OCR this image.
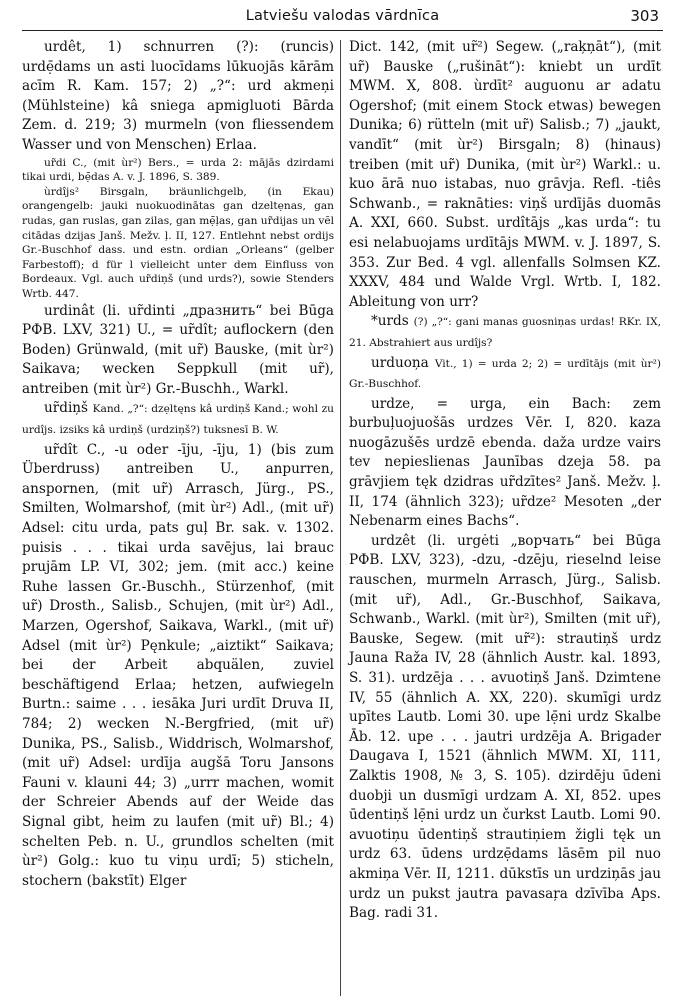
Latviešu valodas vārdnīca	303

urdêt, 1) schnurren (?): (runcis) urdẹ̄dams un asti luocīdams lūkuojās kārām acīm R. Kam. 157; 2) „?“: urd akmeņi (Mühlsteine) kâ sniega apmigluoti Bārda Zem. d. 219; 3) murmeln (von fliessendem Wasser und von Menschen) Erlaa.

ur̃di C., (mit ùr²) Bers., = urda 2: mājās dzirdami tikai urdi, bẹ̄das A. v. J. 1896, S. 389.

ùrdîjs² Birsgaln, bräunlichgelb, (in Ekau) orangengelb: jauki nuokuodinātas gan dzeltẹnas, gan rudas, gan ruslas, gan zilas, gan mẹ̄ļas, gan ur̃dijas un vẽl citādas dzijas Janš. Mežv. ļ. II, 127. Entlehnt nebst ordijs Gr.-Buschhof dass. und estn. ordian „Orleans“ (gelber Farbestoff); d für l vielleicht unter dem Einfluss von Bordeaux. Vgl. auch ur̃diņš (und urds?), sowie Stenders Wrtb. 447.

urdinât (li. ur̃dinti „дразнить“ bei Būga РФВ. LXV, 321) U., = ur̃dît; auflockern (den Boden) Grünwald, (mit ur̃) Bauske, (mit ùr²) Saikava; wecken Seppkull (mit ur̃), antreiben (mit ùr²) Gr.-Buschh., Warkl.

ur̃diņš Kand. „?“: dzẹltęns kâ urdiņš Kand.; wohl zu urdîjs. izsiks kâ urdiņš (urdziņš?) tuksnesī B. W.

ur̃dît C., -u oder -īju, -īju, 1) (bis zum Überdruss) antreiben U., anpurren, anspornen, (mit ur̃) Arrasch, Jürg., PS., Smilten, Wolmarshof, (mit ùr²) Adl., (mit ur̃) Adsel: citu urda, pats guļ Br. sak. v. 1302. puisis . . . tikai urda savējus, lai brauc prujām LP. VI, 302; jem. (mit acc.) keine Ruhe lassen Gr.-Buschh., Stürzenhof, (mit ur̃) Drosth., Salisb., Schujen, (mit ùr²) Adl., Marzen, Ogershof, Saikava, Warkl., (mit ur̃) Adsel (mit ùr²) Pęnkule; „aiztikt“ Saikava; bei der Arbeit abquälen, zuviel beschäftigend Erlaa; hetzen, aufwiegeln Burtn.: saime . . . iesāka Juri urdīt Druva II, 784; 2) wecken N.-Bergfried, (mit ur̃) Dunika, PS., Salisb., Widdrisch, Wolmarshof, (mit ur̃) Adsel: urdīja augšā Toru Jansons Fauni v. klauni 44; 3) „urrr machen, womit der Schreier Abends auf der Weide das Signal gibt, heim zu laufen (mit ur̃) Bl.; 4) schelten Peb. n. U., grundlos schelten (mit ùr²) Golg.: kuo tu viņu urdī; 5) sticheln, stochern (bakstīt) Elger

Dict. 142, (mit ur̃²) Segew. („raķņāt“), (mit ur̃) Bauske („rušināt“): kniebt un urdīt MWM. X, 808. ùrdīt² auguonu ar adatu Ogershof; (mit einem Stock etwas) bewegen Dunika; 6) rütteln (mit ur̃) Salisb.; 7) „jaukt, vandīt“ (mit ùr²) Birsgaln; 8) (hinaus) treiben (mit ur̃) Dunika, (mit ùr²) Warkl.: u. kuo ārā nuo istabas, nuo grāvja. Refl. -tiês Schwanb., = raknāties: viņš urdījās duomās A. XXI, 660. Subst. urdîtājs „kas urda“: tu esi nelabuojams urdītājs MWM. v. J. 1897, S. 353. Zur Bed. 4 vgl. allenfalls Solmsen KZ. XXXV, 484 und Walde Vrgl. Wrtb. I, 182. Ableitung von urr?

*urds (?) „?“: gani manas guosniņas urdas! RKr. IX, 21. Abstrahiert aus urdîjs?

urduoņa Vit., 1) = urda 2; 2) = urdītājs (mit ùr²) Gr.-Buschhof.

urdze, = urga, ein Bach: zem burbuļuojuošās urdzes Vēr. I, 820. kaza nuogāzušēs urdzē ebenda. daža urdze vairs tev nepieslienas Jaunības dzeja 58. pa grāvjiem tęk dzidras ur̃dzītes² Janš. Mežv. ļ. II, 174 (ähnlich 323); ur̃dze² Mesoten „der Nebenarm eines Bachs“.

urdzêt (li. urgėti „ворчать“ bei Būga РФВ. LXV, 323), -dzu, -dzēju, rieselnd leise rauschen, murmeln Arrasch, Jürg., Salisb. (mit ur̃), Adl., Gr.-Buschhof, Saikava, Schwanb., Warkl. (mit ùr²), Smilten (mit ur̃), Bauske, Segew. (mit ur̃²): strautiņš urdz Jauna Raža IV, 28 (ähnlich Austr. kal. 1893, S. 31). urdzēja . . . avuotiņš Janš. Dzimtene IV, 55 (ähnlich A. XX, 220). skumīgi urdz upītes Lautb. Lomi 30. upe lẹ̄ni urdz Skalbe Āb. 12. upe . . . jautri urdzēja A. Brigader Daugava I, 1521 (ähnlich MWM. XI, 111, Zalktis 1908, № 3, S. 105). dzirdēju ūdeni duobji un dusmīgi urdzam A. XI, 852. upes ūdentiņš lẹ̄ni urdz un čurkst Lautb. Lomi 90. avuotiņu ūdentiņš strautiņiem žigli tęk un urdz 63. ūdens urdzẹ̄dams lāsēm pil nuo akmiņa Vēr. II, 1211. dūkstīs un urdziņās jau urdz un pukst jautra pavasaŗa dzīvība Aps. Bag. radi 31.
